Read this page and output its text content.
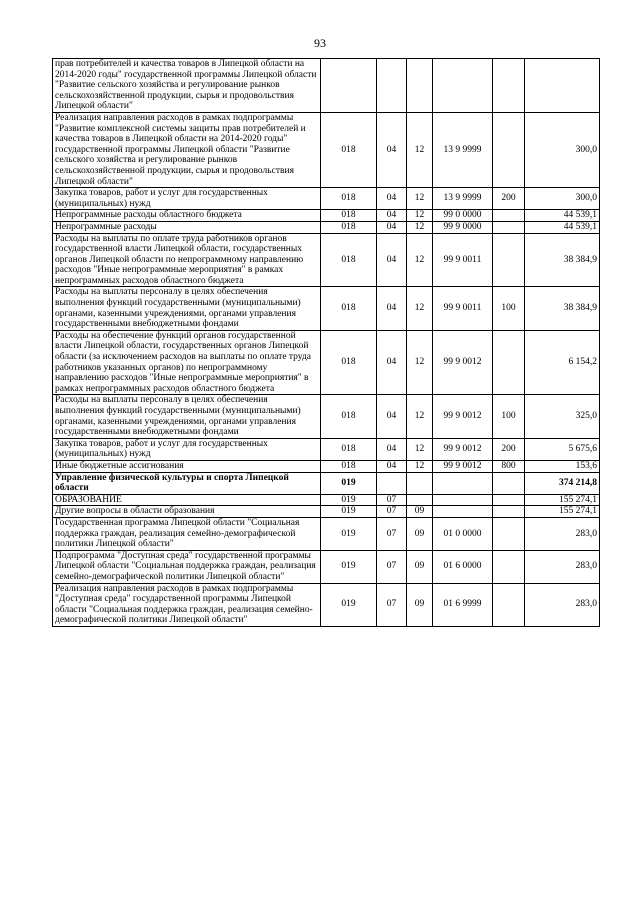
93
прав потребителей и качества товаров в Липецкой области на 2014-2020 годы" государственной программы Липецкой области "Развитие сельского хозяйства и регулирование рынков сельскохозяйственной продукции, сырья и продовольствия Липецкой области"						
Реализация направления расходов в рамках подпрограммы "Развитие комплексной системы защиты прав потребителей и качества товаров в Липецкой области на 2014-2020 годы" государственной программы Липецкой области "Развитие сельского хозяйства и регулирование рынков сельскохозяйственной продукции, сырья и продовольствия Липецкой области"	018	04	12	13 9 9999		300,0
Закупка товаров, работ и услуг для государственных (муниципальных) нужд	018	04	12	13 9 9999	200	300,0
Непрограммные расходы областного бюджета	018	04	12	99 0 0000		44 539,1
Непрограммные расходы	018	04	12	99 9 0000		44 539,1
Расходы на выплаты по оплате труда работников органов государственной власти Липецкой области, государственных органов Липецкой области по непрограммному направлению расходов "Иные непрограммные мероприятия" в рамках непрограммных расходов областного бюджета	018	04	12	99 9 0011		38 384,9
Расходы на выплаты персоналу в целях обеспечения выполнения функций государственными (муниципальными) органами, казенными учреждениями, органами управления государственными внебюджетными фондами	018	04	12	99 9 0011	100	38 384,9
Расходы на обеспечение функций органов государственной власти Липецкой области, государственных органов Липецкой области (за исключением расходов на выплаты по оплате труда работников указанных органов) по непрограммному направлению расходов "Иные непрограммные мероприятия" в рамках непрограммных расходов областного бюджета	018	04	12	99 9 0012		6 154,2
Расходы на выплаты персоналу в целях обеспечения выполнения функций государственными (муниципальными) органами, казенными учреждениями, органами управления государственными внебюджетными фондами	018	04	12	99 9 0012	100	325,0
Закупка товаров, работ и услуг для государственных (муниципальных) нужд	018	04	12	99 9 0012	200	5 675,6
Иные бюджетные ассигнования	018	04	12	99 9 0012	800	153,6
Управление физической культуры и спорта Липецкой области	019					374 214,8
ОБРАЗОВАНИЕ	019	07				155 274,1
Другие вопросы в области образования	019	07	09			155 274,1
Государственная программа Липецкой области "Социальная поддержка граждан, реализация семейно-демографической политики Липецкой области"	019	07	09	01 0 0000		283,0
Подпрограмма "Доступная среда" государственной программы Липецкой области "Социальная поддержка граждан, реализация семейно-демографической политики Липецкой области"	019	07	09	01 6 0000		283,0
Реализация направления расходов в рамках подпрограммы "Доступная среда" государственной программы Липецкой области "Социальная поддержка граждан, реализация семейно-демографической политики Липецкой области"	019	07	09	01 6 9999		283,0
